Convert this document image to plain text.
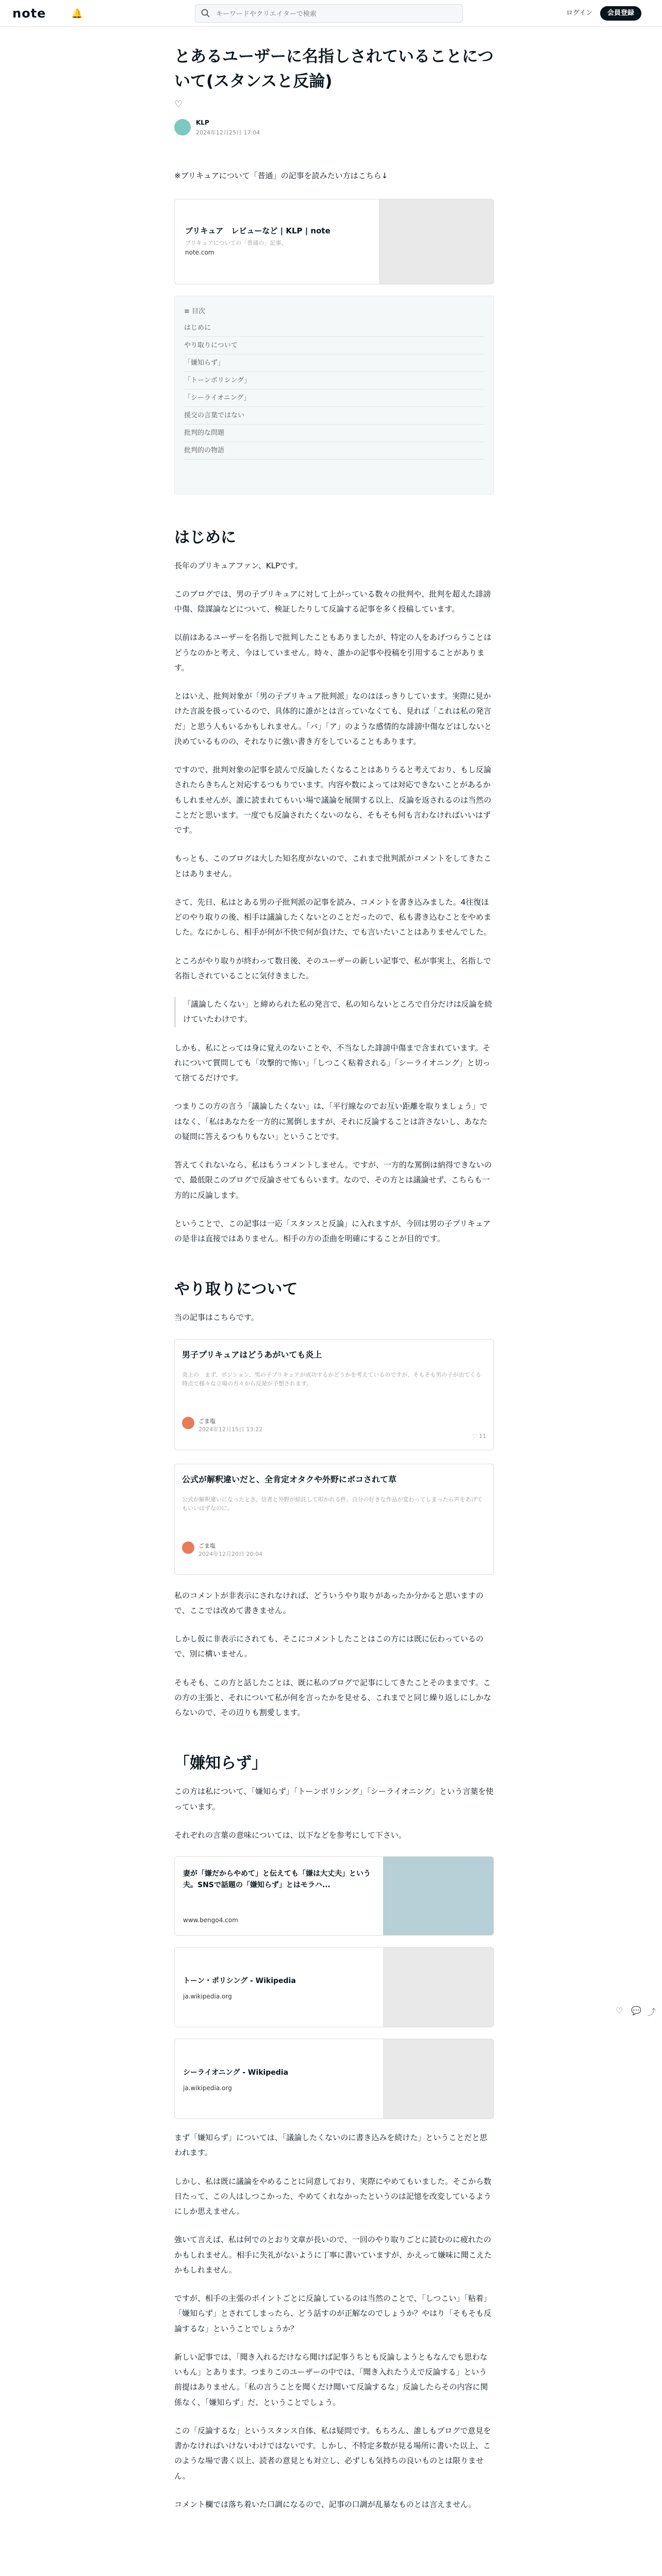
note	🔔
キーワードやクリエイターで検索	ログイン	会員登録
とあるユーザーに名指しされていることについて(スタンスと反論)
♡
KLP
2024年12月25日 17:04

※ブリキュアについて「普通」の記事を読みたい方はこちら↓

ブリキュア　レビューなど | KLP | note
ブリキュアについての「普通の」記事。
note.com
≡ 目次
はじめに
やり取りについて
「嫌知らず」
「トーンポリシング」
「シーライオニング」
援交の言葉ではない
批判的な問題
批判的の物語
はじめに

長年のプリキュアファン、KLPです。

このブログでは、男の子プリキュアに対して上がっている数々の批判や、批判を超えた誹謗中傷、陰謀論などについて、検証したりして反論する記事を多く投稿しています。

以前はあるユーザーを名指しで批判したこともありましたが、特定の人をあげつらうことはどうなのかと考え、今はしていません。時々、誰かの記事や投稿を引用することがあります。

とはいえ、批判対象が「男の子プリキュア批判派」なのはほっきりしています。実際に見かけた言説を扱っているので、具体的に誰がとは言っていなくても、見れば「これは私の発言だ」と思う人もいるかもしれません。「バ」「ア」のような感情的な誹謗中傷などはしないと決めているものの、それなりに強い書き方をしていることもあります。

ですので、批判対象の記事を読んで反論したくなることはありうると考えており、もし反論されたらきちんと対応するつもりでいます。内容や数によっては対応できないことがあるかもしれませんが、誰に読まれてもいい場で議論を展開する以上、反論を返されるのは当然のことだと思います。一度でも反論されたくないのなら、そもそも何も言わなければいいはずです。

もっとも、このブログは大した知名度がないので、これまで批判派がコメントをしてきたことはありません。

さて、先日、私はとある男の子批判派の記事を読み、コメントを書き込みました。4往復ほどのやり取りの後、相手は議論したくないとのことだったので、私も書き込むことをやめました。なにかしら、相手が何が不快で何が負けた、でも言いたいことはありませんでした。

ところがやり取りが終わって数日後、そのユーザーの新しい記事で、私が事実上、名指しで名指しされていることに気付きました。

「議論したくない」と締められた私の発言で、私の知らないところで自分だけは反論を続けていたわけです。

しかも、私にとっては身に覚えのないことや、不当なした誹謗中傷まで含まれています。それについて質問しても「攻撃的で怖い」「しつこく粘着される」「シーライオニング」と切って捨てるだけです。

つまりこの方の言う「議論したくない」は、「平行線なのでお互い距離を取りましょう」ではなく、「私はあなたを一方的に罵倒しますが、それに反論することは許さないし、あなたの疑問に答えるつもりもない」ということです。

答えてくれないなら、私はもうコメントしません。ですが、一方的な罵倒は納得できないので、最低限このブログで反論させてもらいます。なので、その方とは議論せず、こちらも一方的に反論します。

ということで、この記事は一応「スタンスと反論」に入れますが、今回は男の子プリキュアの是非は直接ではありません。相手の方の歪曲を明確にすることが目的です。

やり取りについて

当の記事はこちらです。

男子プリキュアはどうあがいても炎上
炎上の　まず、ポジション、男の子プリキュアが成功するかどうかを考えているのですが、そもそも男の子が出てくる時点で様々な立場の方々から反発が予想されます。
ごま塩
2024年12月15日 13:22
♡ 11
公式が解釈違いだと、全肯定オタクや外野にボコされて草
公式が解釈違いになったとき、信者と外野が結託して叩かれる件。自分の好きな作品が変わってしまったら声をあげてもいいはずなのに。
ごま塩
2024年12月20日 20:04

私のコメントが非表示にされなければ、どういうやり取りがあったか分かると思いますので、ここでは改めて書きません。

しかし仮に非表示にされても、そこにコメントしたことはこの方には既に伝わっているので、別に構いません。

そもそも、この方と話したことは、既に私のブログで記事にしてきたことそのままです。この方の主張と、それについて私が何を言ったかを見せる、これまでと同じ繰り返しにしかならないので、その辺りも割愛します。

「嫌知らず」

この方は私について、「嫌知らず」「トーンポリシング」「シーライオニング」という言葉を使っています。

それぞれの言葉の意味については、以下などを参考にして下さい。

妻が「嫌だからやめて」と伝えても「嫌は大丈夫」という夫。SNSで話題の「嫌知らず」とはモラハ...
www.bengo4.com
トーン・ポリシング - Wikipedia
ja.wikipedia.org
シーライオニング - Wikipedia
ja.wikipedia.org

まず「嫌知らず」については、「議論したくないのに書き込みを続けた」ということだと思われます。

しかし、私は既に議論をやめることに同意しており、実際にやめてもいました。そこから数日たって、この人はしつこかった、やめてくれなかったというのは記憶を改変しているようにしか思えません。

強いて言えば、私は何でのとおり文章が長いので、一回のやり取りごとに読むのに疲れたのかもしれません。相手に失礼がないように丁寧に書いていますが、かえって嫌味に聞こえたかもしれません。

ですが、相手の主張のポイントごとに反論しているのは当然のことで、「しつこい」「粘着」「嫌知らず」とされてしまったら、どう話すのが正解なのでしょうか？やはり「そもそも反論するな」ということでしょうか？

新しい記事では、「聞き入れるだけなら聞けば記事うちとも反論しようともなんでも思わないもん」とあります。つまりこのユーザーの中では、「聞き入れたうえで反論する」という前提はありません。「私の言うことを聞くだけ聞いて反論するな」反論したらその内容に関係なく、「嫌知らず」だ、ということでしょう。

この「反論するな」というスタンス自体、私は疑問です。もちろん、誰しもブログで意見を書かなければいけないわけではないです。しかし、不特定多数が見る場所に書いた以上、このような場で書く以上、読者の意見とも対立し、必ずしも気持ちの良いものとは限りません。

コメント欄では落ち着いた口調になるので、記事の口調が乱暴なものとは言えません。

♡ 💬 ⤴
